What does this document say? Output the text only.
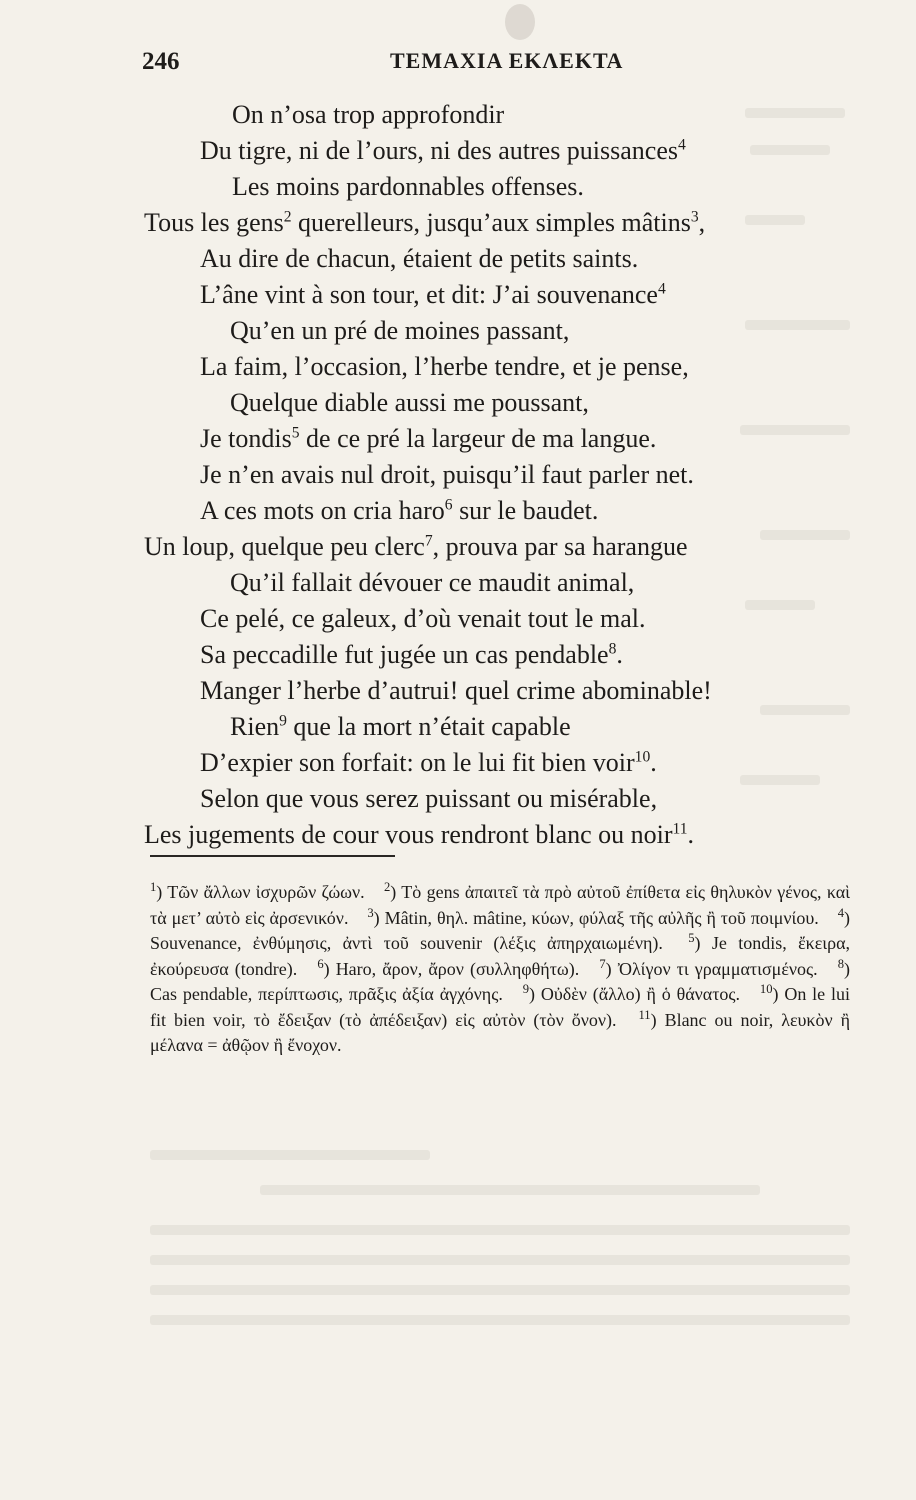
246	ΤΕΜΑΧΙΑ ΕΚΛΕΚΤΑ
On n’osa trop approfondir
Du tigre, ni de l’ours, ni des autres puissances$^4$
Les moins pardonnables offenses.
Tous les gens$^2$ querelleurs, jusqu’aux simples mâtins$^3$,
Au dire de chacun, étaient de petits saints.
L’âne vint à son tour, et dit: J’ai souvenance$^4$
Qu’en un pré de moines passant,
La faim, l’occasion, l’herbe tendre, et je pense,
Quelque diable aussi me poussant,
Je tondis$^5$ de ce pré la largeur de ma langue.
Je n’en avais nul droit, puisqu’il faut parler net.
A ces mots on cria haro$^6$ sur le baudet.
Un loup, quelque peu clerc$^7$, prouva par sa harangue
Qu’il fallait dévouer ce maudit animal,
Ce pelé, ce galeux, d’où venait tout le mal.
Sa peccadille fut jugée un cas pendable$^8$.
Manger l’herbe d’autrui! quel crime abominable!
Rien$^9$ que la mort n’était capable
D’expier son forfait: on le lui fit bien voir$^{10}$.
Selon que vous serez puissant ou misérable,
Les jugements de cour vous rendront blanc ou noir$^{11}$.
$^1$) Τῶν ἄλλων ἰσχυρῶν ζώων. $^2$) Τὸ gens ἀπαιτεῖ τὰ πρὸ αὐτοῦ ἐπίθετα εἰς θηλυκὸν γένος, καὶ τὰ μετ’ αὐτὸ εἰς ἀρσενικόν. $^3$) Mâtin, θηλ. mâtine, κύων, φύλαξ τῆς αὐλῆς ἢ τοῦ ποιμνίου. $^4$) Souvenance, ἐνθύμησις, ἀντὶ τοῦ souvenir (λέξις ἀπηρχαιωμένη). $^5$) Je tondis, ἔκειρα, ἐκούρευσα (tondre). $^6$) Haro, ἄρον, ἄρον (συλληφθήτω). $^7$) Ὀλίγον τι γραμματισμένος. $^8$) Cas pendable, περίπτωσις, πρᾶξις ἀξία ἀγχόνης. $^9$) Οὐδὲν (ἄλλο) ἢ ὁ θάνατος. $^{10}$) On le lui fit bien voir, τὸ ἔδειξαν (τὸ ἀπέδειξαν) εἰς αὐτὸν (τὸν ὄνον). $^{11}$) Blanc ou noir, λευκὸν ἢ μέλανα = ἀθῷον ἢ ἔνοχον.
